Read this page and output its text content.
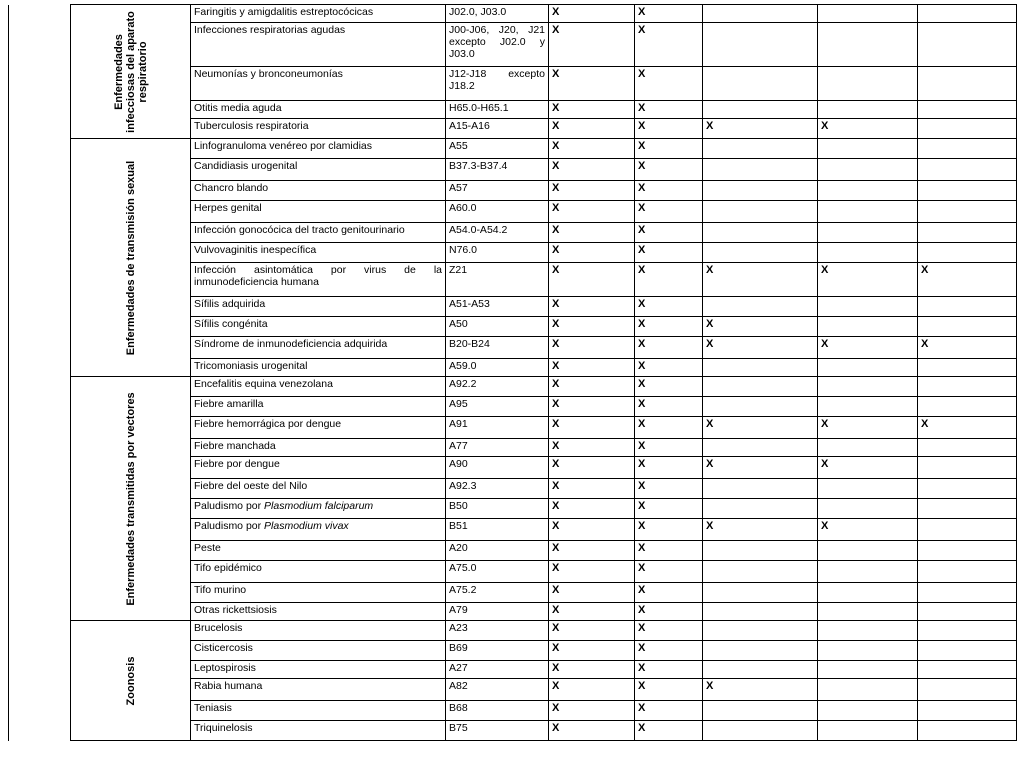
	Enfermedades infecciosas del aparato respiratorio	Faringitis y amigdalitis estreptocócicas	J02.0, J03.0	X	X			
		Infecciones respiratorias agudas	J00-J06, J20, J21 excepto J02.0 y J03.0	X	X			
		Neumonías y bronconeumonías	J12-J18 excepto J18.2	X	X			
		Otitis media aguda	H65.0-H65.1	X	X			
		Tuberculosis respiratoria	A15-A16	X	X	X	X	

	Enfermedades de transmisión sexual	Linfogranuloma venéreo por clamidias	A55	X	X			
		Candidiasis urogenital	B37.3-B37.4	X	X			
		Chancro blando	A57	X	X			
		Herpes genital	A60.0	X	X			
		Infección gonocócica del tracto genitourinario	A54.0-A54.2	X	X			
		Vulvovaginitis inespecífica	N76.0	X	X			
		Infección asintomática por virus de la inmunodeficiencia humana	Z21	X	X	X	X	X
		Sífilis adquirida	A51-A53	X	X			
		Sífilis congénita	A50	X	X	X		
		Síndrome de inmunodeficiencia adquirida	B20-B24	X	X	X	X	X
		Tricomoniasis urogenital	A59.0	X	X			

	Enfermedades transmitidas por vectores	Encefalitis equina venezolana	A92.2	X	X			
		Fiebre amarilla	A95	X	X			
		Fiebre hemorrágica por dengue	A91	X	X	X	X	X
		Fiebre manchada	A77	X	X			
		Fiebre por dengue	A90	X	X	X	X	
		Fiebre del oeste del Nilo	A92.3	X	X			
		Paludismo por Plasmodium falciparum	B50	X	X			
		Paludismo por Plasmodium vivax	B51	X	X	X	X	
		Peste	A20	X	X			
		Tifo epidémico	A75.0	X	X			
		Tifo murino	A75.2	X	X			
		Otras rickettsiosis	A79	X	X			

	Zoonosis	Brucelosis	A23	X	X			
		Cisticercosis	B69	X	X			
		Leptospirosis	A27	X	X			
		Rabia humana	A82	X	X	X		
		Teniasis	B68	X	X			
		Triquinelosis	B75	X	X			
